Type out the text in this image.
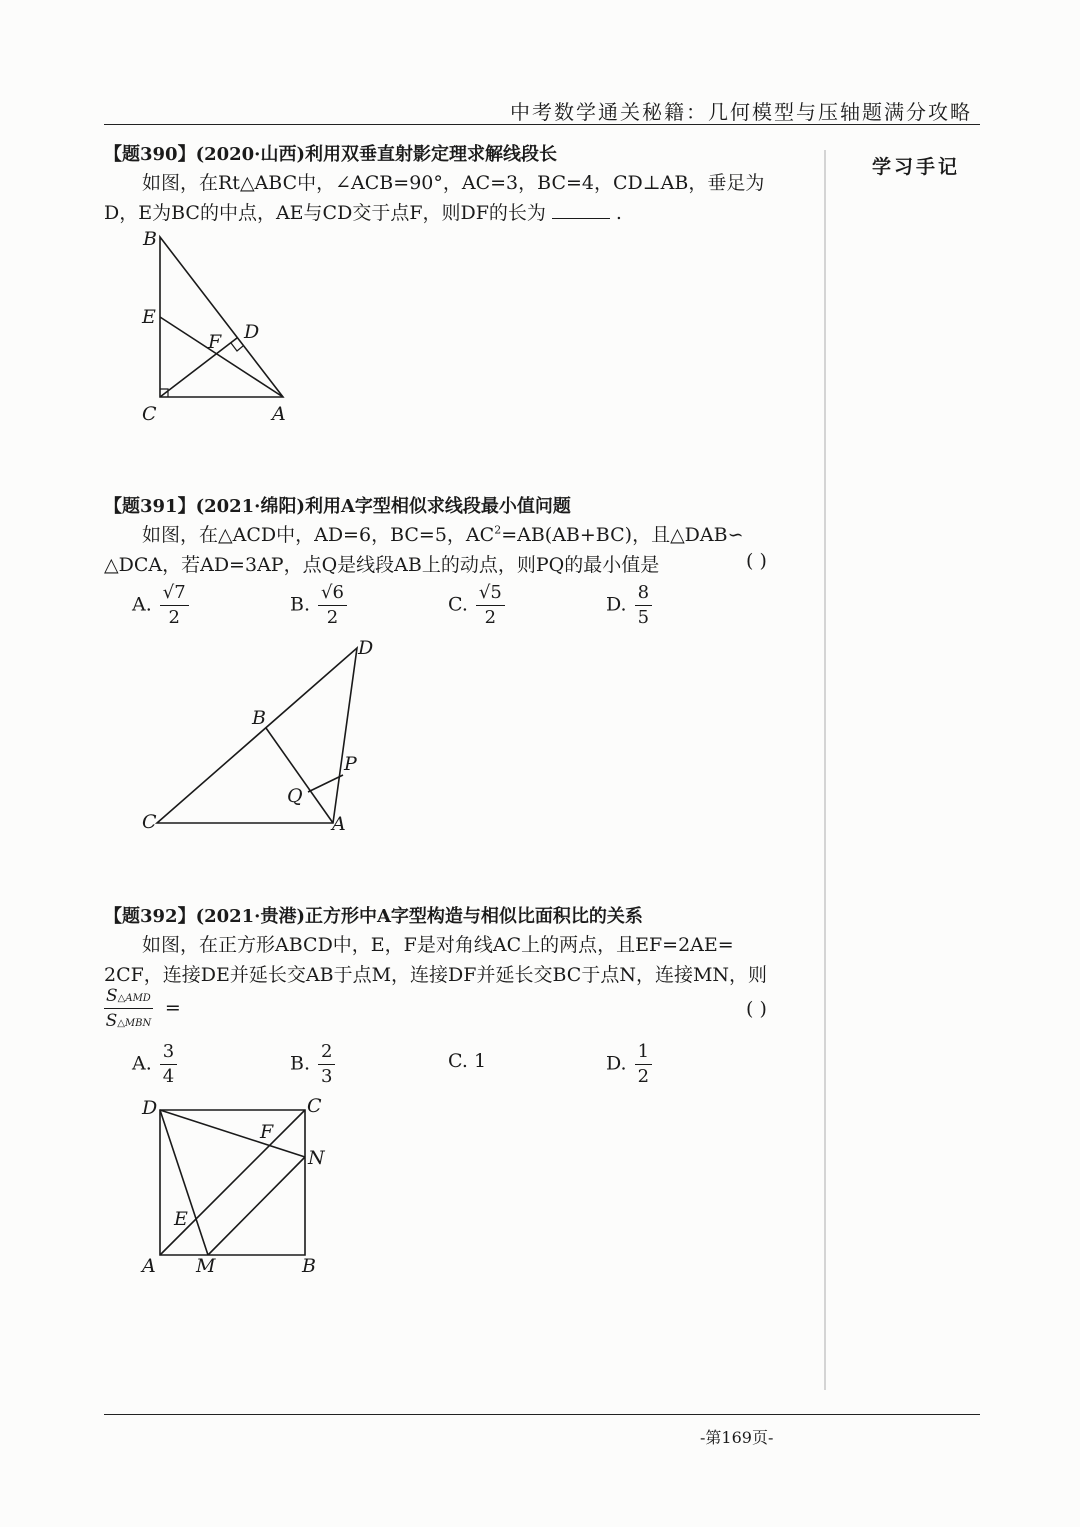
中考数学通关秘籍：几何模型与压轴题满分攻略
学习手记
【题390】(2020·山西)利用双垂直射影定理求解线段长
如图，在Rt△ABC中，∠ACB=90°，AC=3，BC=4，CD⊥AB，垂足为
D，E为BC的中点，AE与CD交于点F，则DF的长为	.
B
E
F D
C	A
【题391】(2021·绵阳)利用A字型相似求线段最小值问题
如图，在△ACD中，AD=6，BC=5，$AC^2=AB(AB+BC)$，且△DAB∽
△DCA，若AD=3AP，点Q是线段AB上的动点，则PQ的最小值是	( )
A. $\frac{√7}{2}$	B. $\frac{√6}{2}$	C. $\frac{√5}{2}$	D. $\frac{8}{5}$
D
B
P
Q
C	A
【题392】(2021·贵港)正方形中A字型构造与相似比面积比的关系
如图，在正方形ABCD中，E，F是对角线AC上的两点，且EF=2AE=
2CF，连接DE并延长交AB于点M，连接DF并延长交BC于点N，连接MN，则
S△AMD
S△MBN
=	( )
A. $\frac{3}{4}$	B. $\frac{2}{3}$	C. 1	D. $\frac{1}{2}$
D	C
F
N
E
A M	B
-第169页-
